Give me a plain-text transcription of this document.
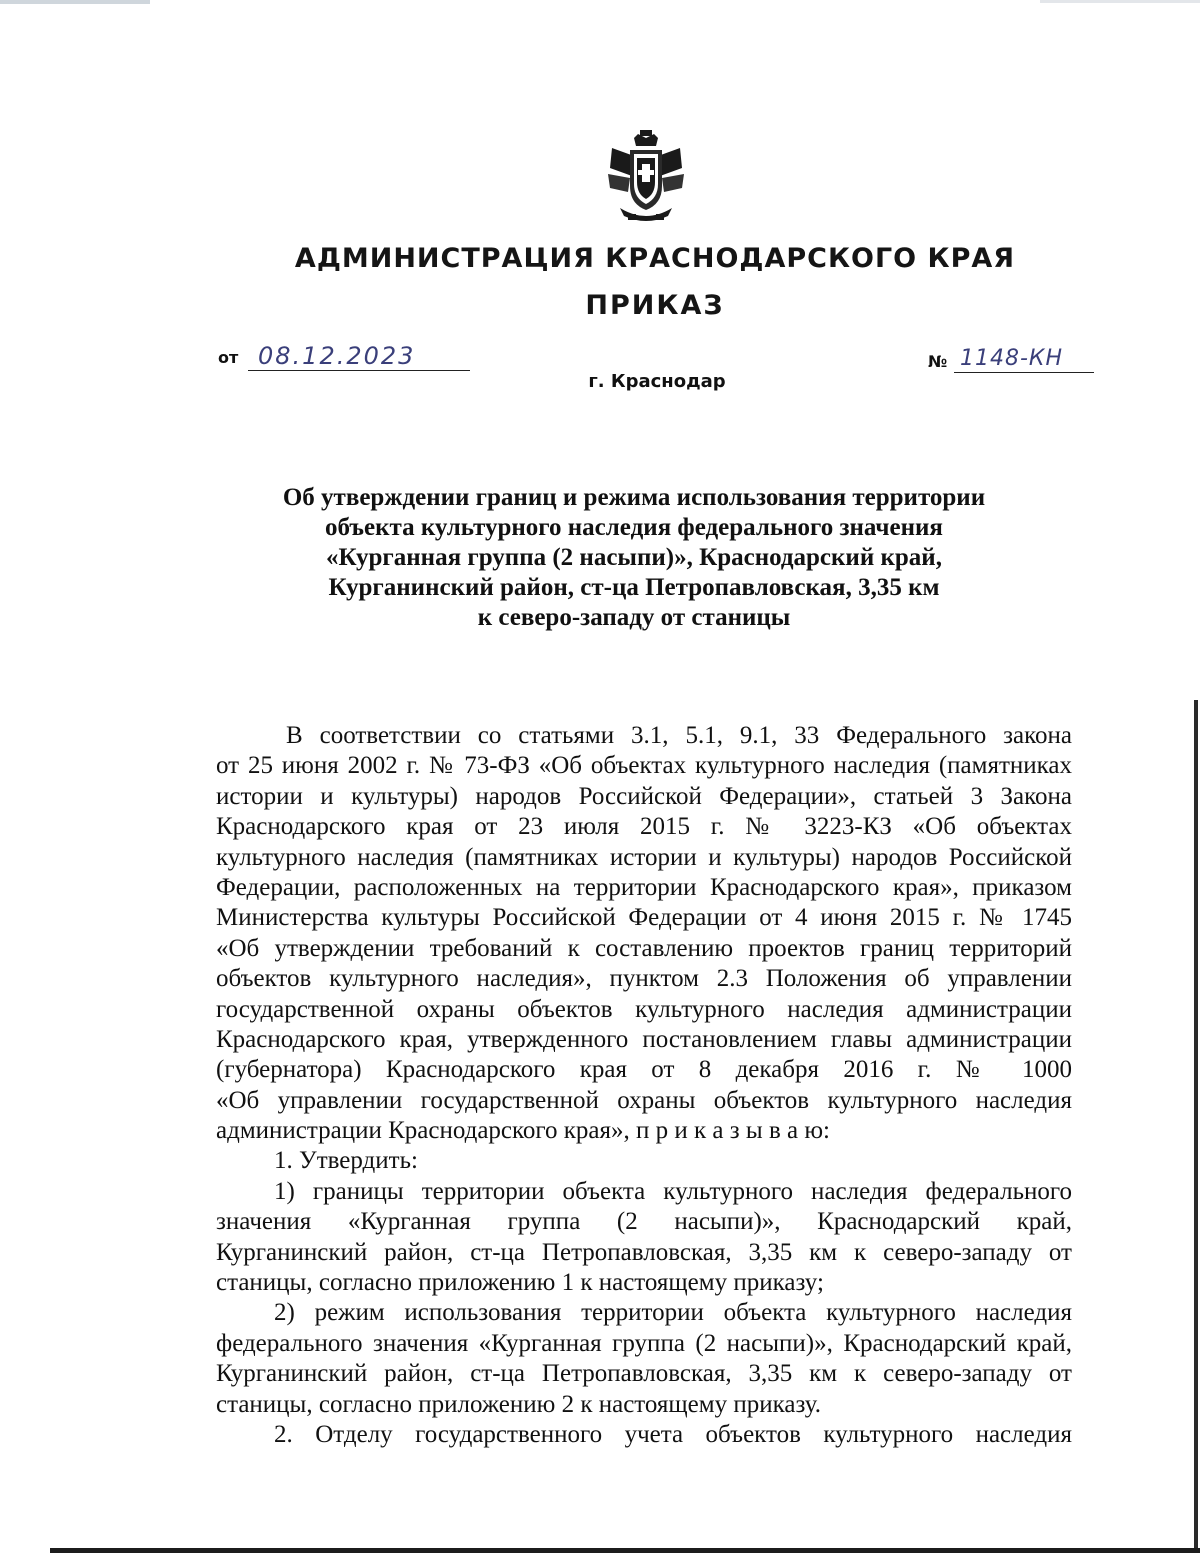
АДМИНИСТРАЦИЯ КРАСНОДАРСКОГО КРАЯ
ПРИКАЗ
от 08.12.2023	№ 1148-КН
г. Краснодар
Об утверждении границ и режима использования территории
объекта культурного наследия федерального значения
«Курганная группа (2 насыпи)», Краснодарский край,
Курганинский район, ст-ца Петропавловская, 3,35 км
к северо-западу от станицы
В соответствии со статьями 3.1, 5.1, 9.1, 33 Федерального закона
от 25 июня 2002 г. № 73-ФЗ «Об объектах культурного наследия (памятниках
истории и культуры) народов Российской Федерации», статьей 3 Закона
Краснодарского края от 23 июля 2015 г. № 3223-КЗ «Об объектах
культурного наследия (памятниках истории и культуры) народов Российской
Федерации, расположенных на территории Краснодарского края», приказом
Министерства культуры Российской Федерации от 4 июня 2015 г. № 1745
«Об утверждении требований к составлению проектов границ территорий
объектов культурного наследия», пунктом 2.3 Положения об управлении
государственной охраны объектов культурного наследия администрации
Краснодарского края, утвержденного постановлением главы администрации
(губернатора) Краснодарского края от 8 декабря 2016 г. № 1000
«Об управлении государственной охраны объектов культурного наследия
администрации Краснодарского края», п р и к а з ы в а ю:
1. Утвердить:
1) границы территории объекта культурного наследия федерального
значения «Курганная группа (2 насыпи)», Краснодарский край,
Курганинский район, ст-ца Петропавловская, 3,35 км к северо-западу от
станицы, согласно приложению 1 к настоящему приказу;
2) режим использования территории объекта культурного наследия
федерального значения «Курганная группа (2 насыпи)», Краснодарский край,
Курганинский район, ст-ца Петропавловская, 3,35 км к северо-западу от
станицы, согласно приложению 2 к настоящему приказу.
2. Отделу государственного учета объектов культурного наследия
